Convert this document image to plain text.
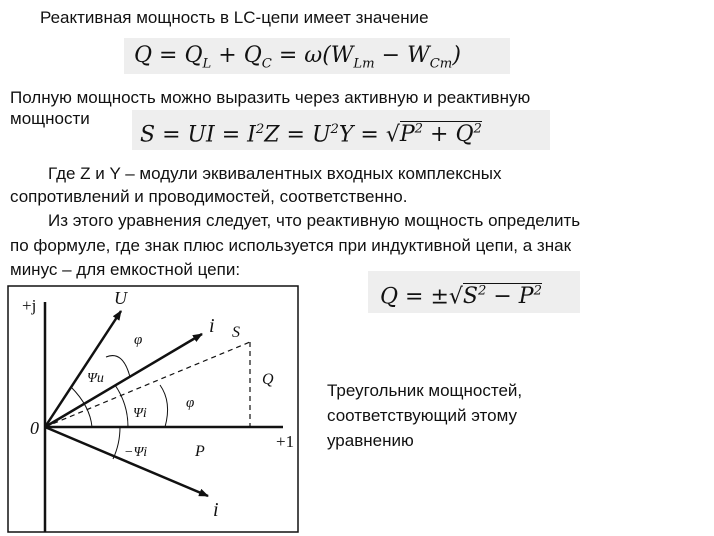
Реактивная мощность в LC-цепи имеет значение
$Q = Q_L + Q_C = \omega(W_{Lm} - W_{Cm})$
Полную мощность можно выразить через активную и реактивную
мощности
S = UI = $I^2Z = U^2Y = √P^2 + Q^2$
Где Z и Y – модули эквивалентных входных комплексных
сопротивлений и проводимостей, соответственно.
Из этого уравнения следует, что реактивную мощность определить
по формуле, где знак плюс используется при индуктивной цепи, а знак
минус – для емкостной цепи:
$Q = \pm√S^2 - P^2$
+j
+1
0
U
i
i
S
Q
P
φ
φ
Ψu
Ψi
−Ψi
Треугольник мощностей,
соответствующий этому
уравнению
